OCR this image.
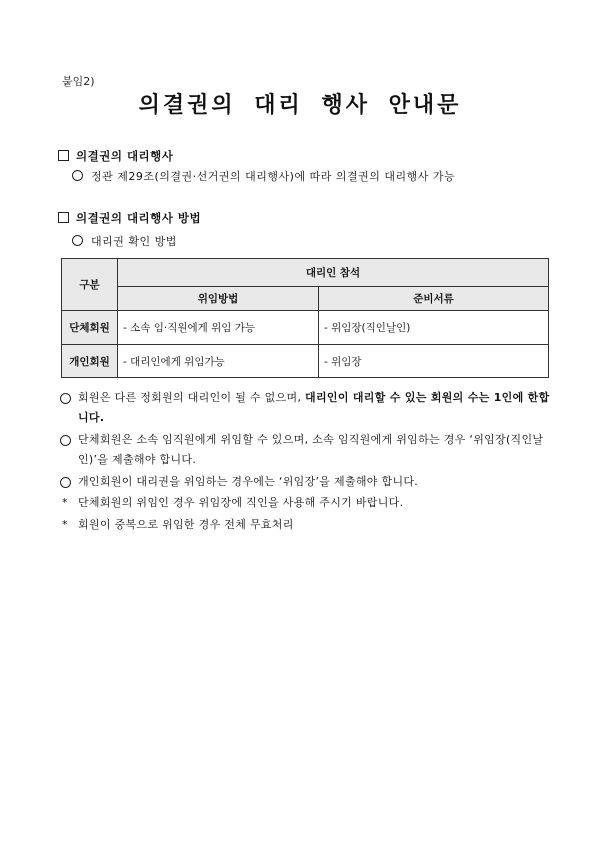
붙임2)
의결권의 대리 행사 안내문
의결권의 대리행사
정관 제29조(의결권·선거권의 대리행사)에 따라 의결권의 대리행사 가능
의결권의 대리행사 방법
대리권 확인 방법
구분	대리인 참석	
	위임방법	준비서류
단체회원	- 소속 임·직원에게 위임 가능	- 위임장(직인날인)
개인회원	- 대리인에게 위임가능	- 위임장
회원은 다른 정회원의 대리인이 될 수 없으며, 대리인이 대리할 수 있는 회원의 수는 1인에 한합니다.
단체회원은 소속 임직원에게 위임할 수 있으며, 소속 임직원에게 위임하는 경우 ‘위임장(직인날인)’을 제출해야 합니다.
개인회원이 대리권을 위임하는 경우에는 ‘위임장’을 제출해야 합니다.
* 단체회원의 위임인 경우 위임장에 직인을 사용해 주시기 바랍니다.
* 회원이 중복으로 위임한 경우 전체 무효처리
